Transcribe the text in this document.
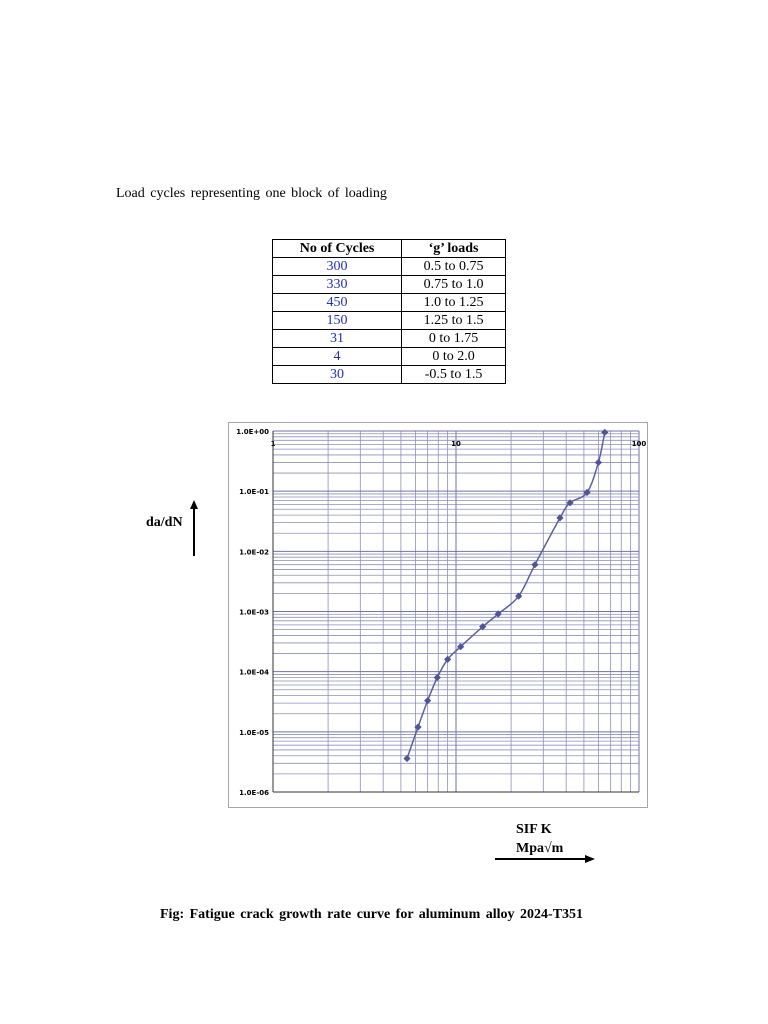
Load cycles representing one block of loading
No of Cycles	‘g’ loads
300	0.5 to 0.75
330	0.75 to 1.0
450	1.0 to 1.25
150	1.25 to 1.5
31	0 to 1.75
4	0 to 2.0
30	-0.5 to 1.5
1.0E+00
1.0E-01
1.0E-02
1.0E-03
1.0E-04
1.0E-05
1.0E-06
1	10	100
da/dN
SIF K
Mpa√m
Fig: Fatigue crack growth rate curve for aluminum alloy 2024-T351
